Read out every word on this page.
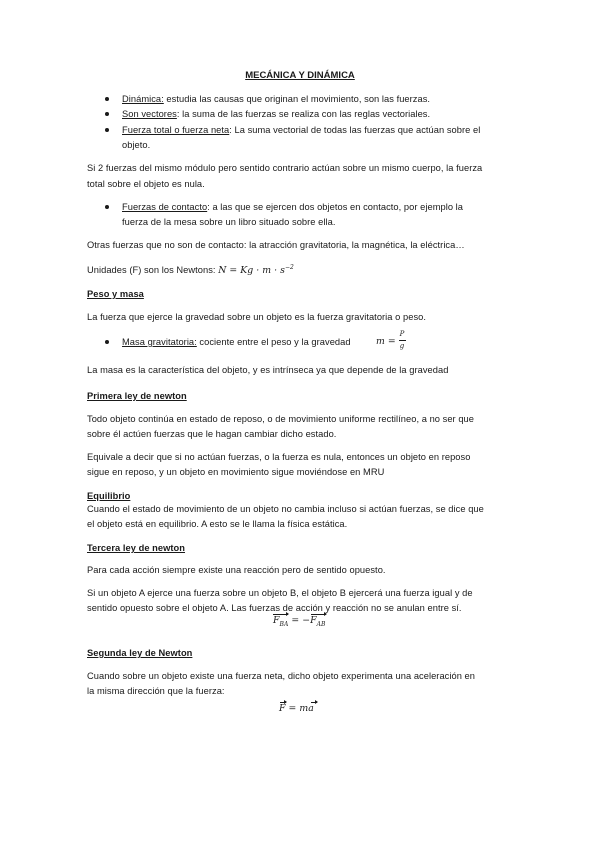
MECÁNICA Y DINÁMICA
Dinámica: estudia las causas que originan el movimiento, son las fuerzas.
Son vectores: la suma de las fuerzas se realiza con las reglas vectoriales.
Fuerza total o fuerza neta: La suma vectorial de todas las fuerzas que actúan sobre el
objeto.
Si 2 fuerzas del mismo módulo pero sentido contrario actúan sobre un mismo cuerpo, la fuerza
total sobre el objeto es nula.
Fuerzas de contacto: a las que se ejercen dos objetos en contacto, por ejemplo la
fuerza de la mesa sobre un libro situado sobre ella.
Otras fuerzas que no son de contacto: la atracción gravitatoria, la magnética, la eléctrica…
Unidades (F) son los Newtons: $N = Kg \cdot m \cdot s^{-2}$
Peso y masa
La fuerza que ejerce la gravedad sobre un objeto es la fuerza gravitatoria o peso.
Masa gravitatoria: cociente entre el peso y la gravedad	m =
P
g
La masa es la característica del objeto, y es intrínseca ya que depende de la gravedad
Primera ley de newton
Todo objeto continúa en estado de reposo, o de movimiento uniforme rectilíneo, a no ser que
sobre él actúen fuerzas que le hagan cambiar dicho estado.
Equivale a decir que si no actúan fuerzas, o la fuerza es nula, entonces un objeto en reposo
sigue en reposo, y un objeto en movimiento sigue moviéndose en MRU
Equilibrio
Cuando el estado de movimiento de un objeto no cambia incluso si actúan fuerzas, se dice que
el objeto está en equilibrio. A esto se le llama la física estática.
Tercera ley de newton
Para cada acción siempre existe una reacción pero de sentido opuesto.
Si un objeto A ejerce una fuerza sobre un objeto B, el objeto B ejercerá una fuerza igual y de
sentido opuesto sobre el objeto A. Las fuerzas de acción y reacción no se anulan entre sí.
$F_{BA} = -F_{AB}$
Segunda ley de Newton
Cuando sobre un objeto existe una fuerza neta, dicho objeto experimenta una aceleración en
la misma dirección que la fuerza:
F = ma
